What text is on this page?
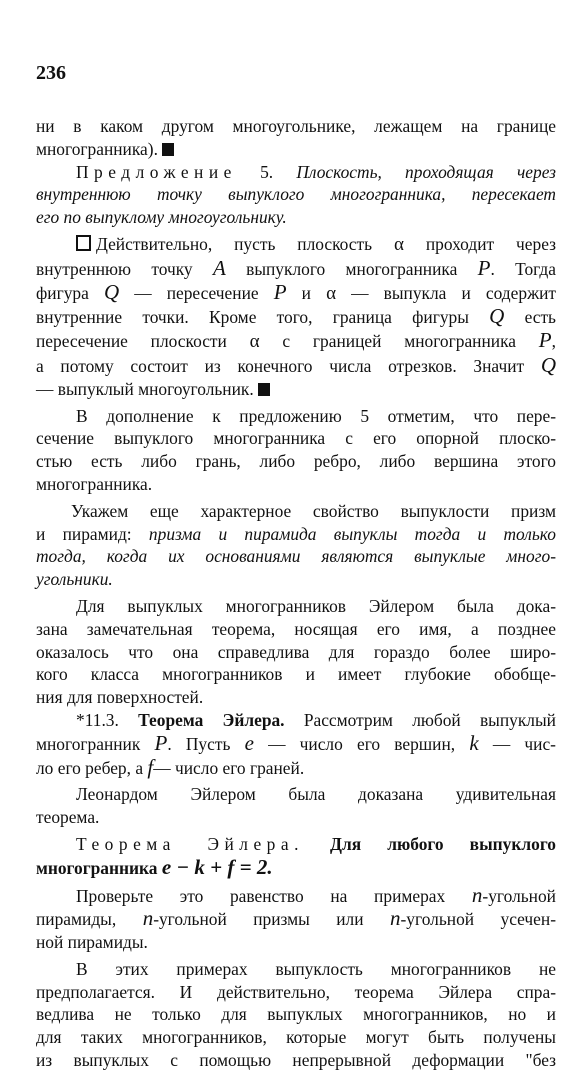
236

ни в каком другом многоугольнике, лежащем на границе
многогранника).

Предложение 5. Плоскость, проходящая через
внутреннюю точку выпуклого многогранника, пересекает
его по выпуклому многоугольнику.

Действительно, пусть плоскость α проходит через
внутреннюю точку A выпуклого многогранника P. Тогда
фигура Q — пересечение P и α — выпукла и содержит
внутренние точки. Кроме того, граница фигуры Q есть
пересечение плоскости α с границей многогранника P,
а потому состоит из конечного числа отрезков. Значит Q
— выпуклый многоугольник.

В дополнение к предложению 5 отметим, что пере-
сечение выпуклого многогранника с его опорной плоско-
стью есть либо грань, либо ребро, либо вершина этого
многогранника.

Укажем еще характерное свойство выпуклости призм
и пирамид: призма и пирамида выпуклы тогда и только
тогда, когда их основаниями являются выпуклые много-
угольники.

Для выпуклых многогранников Эйлером была дока-
зана замечательная теорема, носящая его имя, а позднее
оказалось что она справедлива для гораздо более широ-
кого класса многогранников и имеет глубокие обобще-
ния для поверхностей.

*11.3. Теорема Эйлера. Рассмотрим любой выпуклый
многогранник P. Пусть e — число его вершин, k — чис-
ло его ребер, а f— число его граней.

Леонардом Эйлером была доказана удивительная
теорема.

Теорема Эйлера. Для любого выпуклого
многогранника e − k + f = 2.

Проверьте это равенство на примерах n-угольной
пирамиды, n-угольной призмы или n-угольной усечен-
ной пирамиды.

В этих примерах выпуклость многогранников не
предполагается. И действительно, теорема Эйлера спра-
ведлива не только для выпуклых многогранников, но и
для таких многогранников, которые могут быть получены
из выпуклых с помощью непрерывной деформации "без
